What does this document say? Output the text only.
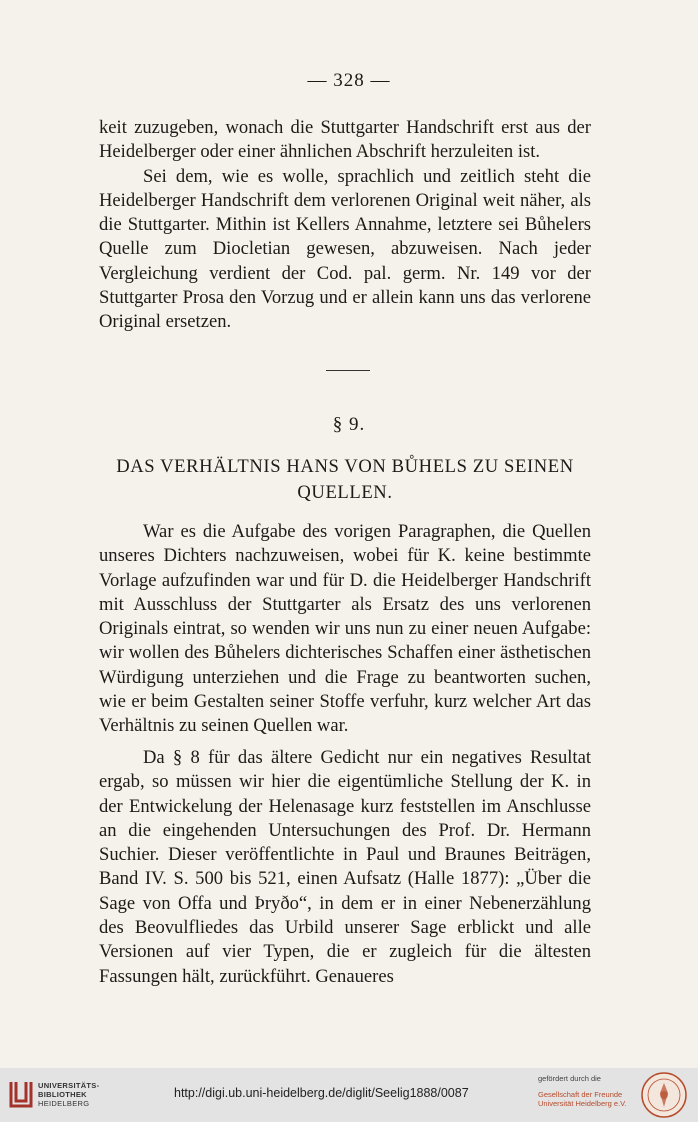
— 328 —

keit zuzugeben, wonach die Stuttgarter Handschrift erst aus der Heidelberger oder einer ähnlichen Abschrift herzuleiten ist.

Sei dem, wie es wolle, sprachlich und zeitlich steht die Heidelberger Handschrift dem verlorenen Original weit näher, als die Stuttgarter. Mithin ist Kellers Annahme, letztere sei Bůhelers Quelle zum Diocletian gewesen, abzuweisen. Nach jeder Vergleichung verdient der Cod. pal. germ. Nr. 149 vor der Stuttgarter Prosa den Vorzug und er allein kann uns das verlorene Original ersetzen.

§ 9.
DAS VERHÄLTNIS HANS VON BŮHELS ZU SEINEN QUELLEN.

War es die Aufgabe des vorigen Paragraphen, die Quellen unseres Dichters nachzuweisen, wobei für K. keine bestimmte Vorlage aufzufinden war und für D. die Heidelberger Handschrift mit Ausschluss der Stuttgarter als Ersatz des uns verlorenen Originals eintrat, so wenden wir uns nun zu einer neuen Aufgabe: wir wollen des Bůhelers dichterisches Schaffen einer ästhetischen Würdigung unterziehen und die Frage zu beantworten suchen, wie er beim Gestalten seiner Stoffe verfuhr, kurz welcher Art das Verhältnis zu seinen Quellen war.

Da § 8 für das ältere Gedicht nur ein negatives Resultat ergab, so müssen wir hier die eigentümliche Stellung der K. in der Entwickelung der Helenasage kurz feststellen im Anschlusse an die eingehenden Untersuchungen des Prof. Dr. Hermann Suchier. Dieser veröffentlichte in Paul und Braunes Beiträgen, Band IV. S. 500 bis 521, einen Aufsatz (Halle 1877): „Über die Sage von Offa und Þryðo“, in dem er in einer Nebenerzählung des Beovulfliedes das Urbild unserer Sage erblickt und alle Versionen auf vier Typen, die er zugleich für die ältesten Fassungen hält, zurückführt. Genaueres

UNIVERSITÄTS-
BIBLIOTHEK
HEIDELBERG
http://digi.ub.uni-heidelberg.de/diglit/Seelig1888/0087
gefördert durch die
Gesellschaft der Freunde
Universität Heidelberg e.V.
